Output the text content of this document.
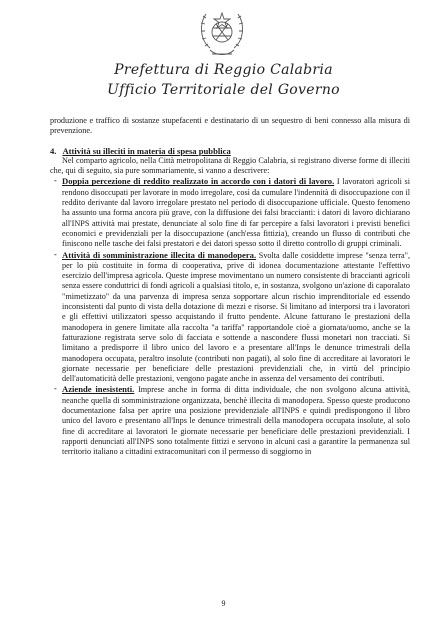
Prefettura di Reggio Calabria
Ufficio Territoriale del Governo

produzione e traffico di sostanze stupefacenti e destinatario di un sequestro di beni connesso alla misura di prevenzione.

4. Attività su illeciti in materia di spesa pubblica

Nel comparto agricolo, nella Città metropolitana di Reggio Calabria, si registrano diverse forme di illeciti che, qui di seguito, sia pure sommariamente, si vanno a descrivere:

- Doppia percezione di reddito realizzato in accordo con i datori di lavoro. I lavoratori agricoli si rendono disoccupati per lavorare in modo irregolare, così da cumulare l'indennità di disoccupazione con il reddito derivante dal lavoro irregolare prestato nel periodo di disoccupazione ufficiale. Questo fenomeno ha assunto una forma ancora più grave, con la diffusione dei falsi braccianti: i datori di lavoro dichiarano all'INPS attività mai prestate, denunciate al solo fine di far percepire a falsi lavoratori i previsti benefici economici e previdenziali per la disoccupazione (anch'essa fittizia), creando un flusso di contributi che finiscono nelle tasche dei falsi prestatori e dei datori spesso sotto il diretto controllo di gruppi criminali.

- Attività di somministrazione illecita di manodopera. Svolta dalle cosiddette imprese "senza terra", per lo più costituite in forma di cooperativa, prive di idonea documentazione attestante l'effettivo esercizio dell'impresa agricola. Queste imprese movimentano un numero consistente di braccianti agricoli senza essere conduttrici di fondi agricoli a qualsiasi titolo, e, in sostanza, svolgono un'azione di caporalato "mimetizzato" da una parvenza di impresa senza sopportare alcun rischio imprenditoriale ed essendo inconsistenti dal punto di vista della dotazione di mezzi e risorse. Si limitano ad interporsi tra i lavoratori e gli effettivi utilizzatori spesso acquistando il frutto pendente. Alcune fatturano le prestazioni della manodopera in genere limitate alla raccolta "a tariffa" rapportandole cioè a giornata/uomo, anche se la fatturazione registrata serve solo di facciata e sottende a nascondere flussi monetari non tracciati. Si limitano a predisporre il libro unico del lavoro e a presentare all'Inps le denunce trimestrali della manodopera occupata, peraltro insolute (contributi non pagati), al solo fine di accreditare ai lavoratori le giornate necessarie per beneficiare delle prestazioni previdenziali che, in virtù del principio dell'automaticità delle prestazioni, vengono pagate anche in assenza del versamento dei contributi.

- Aziende inesistenti. Imprese anche in forma di ditta individuale, che non svolgono alcuna attività, neanche quella di somministrazione organizzata, benchè illecita di manodopera. Spesso queste producono documentazione falsa per aprire una posizione previdenziale all'INPS e quindi predispongono il libro unico del lavoro e presentano all'Inps le denunce trimestrali della manodopera occupata insolute, al solo fine di accreditare ai lavoratori le giornate necessarie per beneficiare delle prestazioni previdenziali. I rapporti denunciati all'INPS sono totalmente fittizi e servono in alcuni casi a garantire la permanenza sul territorio italiano a cittadini extracomunitari con il permesso di soggiorno in

9
